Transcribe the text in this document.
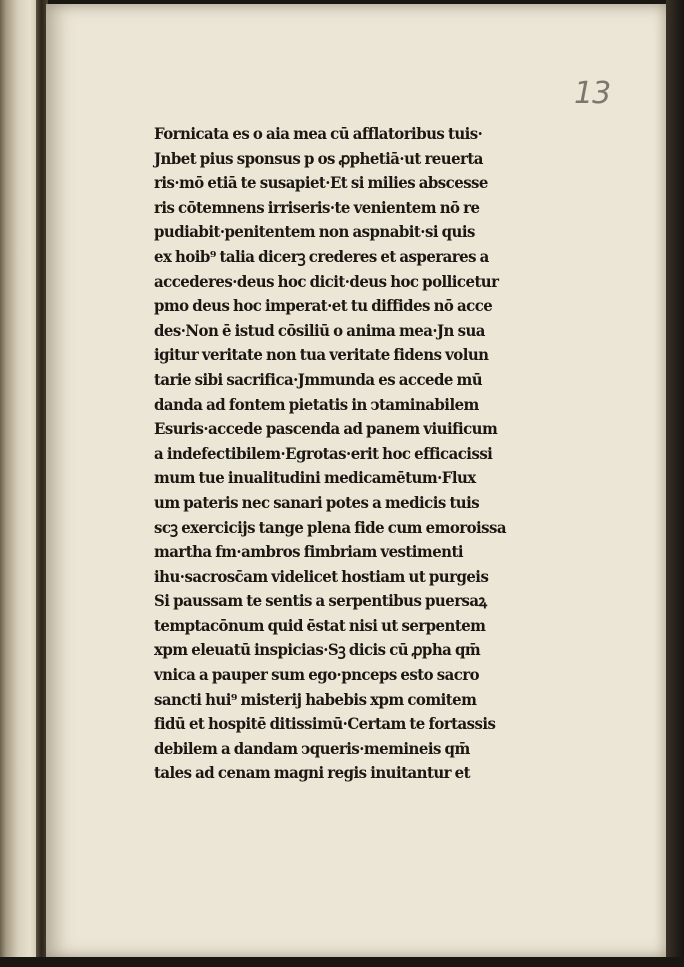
13
Fornicata es o aia mea cū afflatoribus tuis·
Jnbet pius sponsus p os ꝓphetiā·ut reuerta
ris·mō etiā te susapiet·Et si milies abscesse
ris cōtemnens irriseris·te venientem nō re
pudiabit·penitentem non aspnabit·si quis
ex hoib⁹ talia dicerꝫ crederes et asperares a
accederes·deus hoc dicit·deus hoc pollicetur
pmo deus hoc imperat·et tu diffides nō acce
des·Non ē istud cōsiliū o anima mea·Jn sua
igitur veritate non tua veritate fidens volun
tarie sibi sacrifica·Jmmunda es accede mū
danda ad fontem pietatis in ↄtaminabilem
Esuris·accede pascenda ad panem viuificum
a indefectibilem·Egrotas·erit hoc efficacissi
mum tue inualitudini medicamētum·Flux
um pateris nec sanari potes a medicis tuis
scꝫ exercicijs tange plena fide cum emoroissa
martha fm·ambros fimbriam vestimenti
ihu·sacrosc̄am videlicet hostiam ut purgeis
Si paussam te sentis a serpentibus puersaꝝ
temptacōnum quid ēstat nisi ut serpentem
xpm eleuatū inspicias·Sꝫ dicis cū ꝓpha qm̄
vnica a pauper sum ego·pnceps esto sacro
sancti hui⁹ misterij habebis xpm comitem
fidū et hospitē ditissimū·Certam te fortassis
debilem a dandam ↄqueris·memineis qm̄
tales ad cenam magni regis inuitantur et
